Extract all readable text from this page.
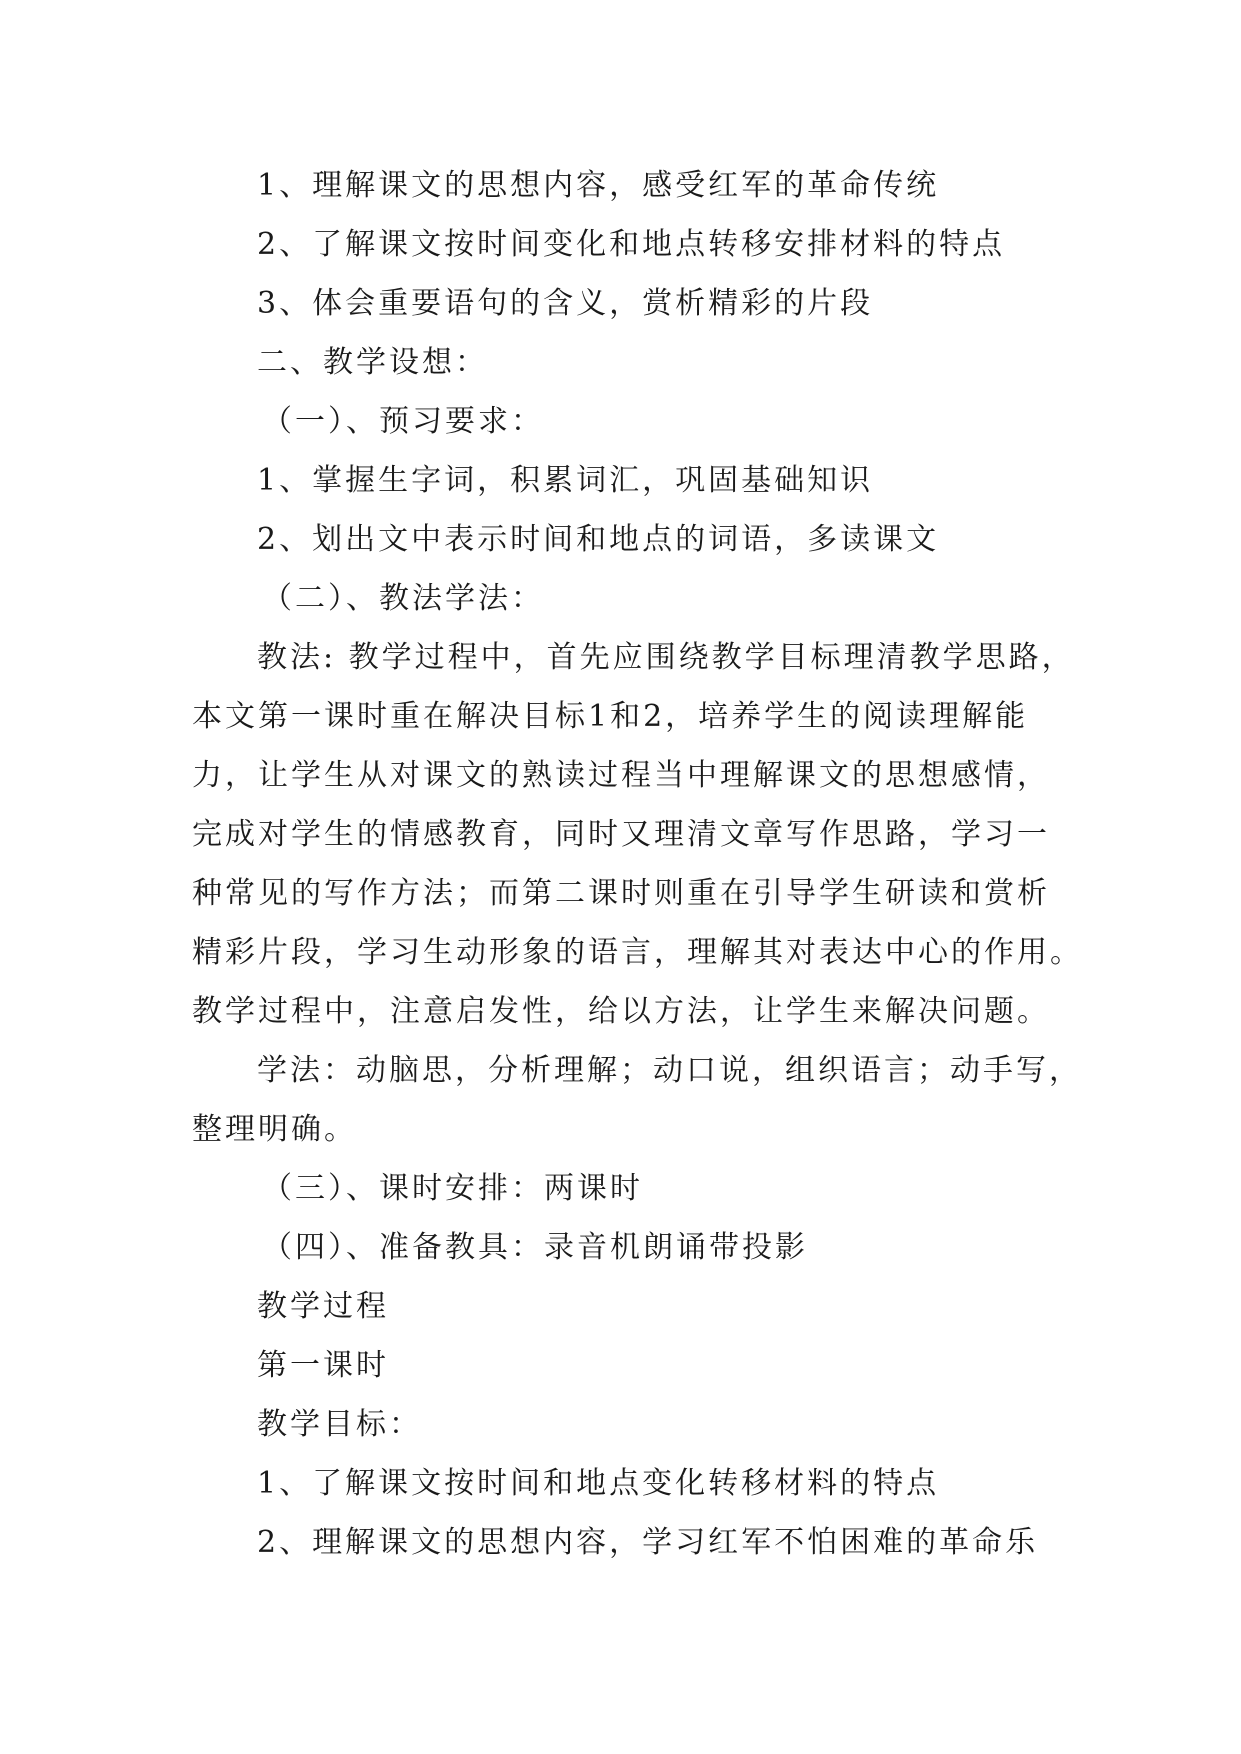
1、理解课文的思想内容，感受红军的革命传统
2、了解课文按时间变化和地点转移安排材料的特点
3、体会重要语句的含义，赏析精彩的片段
二、教学设想：
（一）、预习要求：
1、掌握生字词，积累词汇，巩固基础知识
2、划出文中表示时间和地点的词语，多读课文
（二）、教法学法：
教法: 教学过程中，首先应围绕教学目标理清教学思路，
本文第一课时重在解决目标1和2，培养学生的阅读理解能
力，让学生从对课文的熟读过程当中理解课文的思想感情，
完成对学生的情感教育，同时又理清文章写作思路，学习一
种常见的写作方法；而第二课时则重在引导学生研读和赏析
精彩片段，学习生动形象的语言，理解其对表达中心的作用。
教学过程中，注意启发性，给以方法，让学生来解决问题。
学法：动脑思，分析理解；动口说，组织语言；动手写，
整理明确。
（三）、课时安排：两课时
（四）、准备教具：录音机朗诵带投影
教学过程
第一课时
教学目标：
1、了解课文按时间和地点变化转移材料的特点
2、理解课文的思想内容，学习红军不怕困难的革命乐
